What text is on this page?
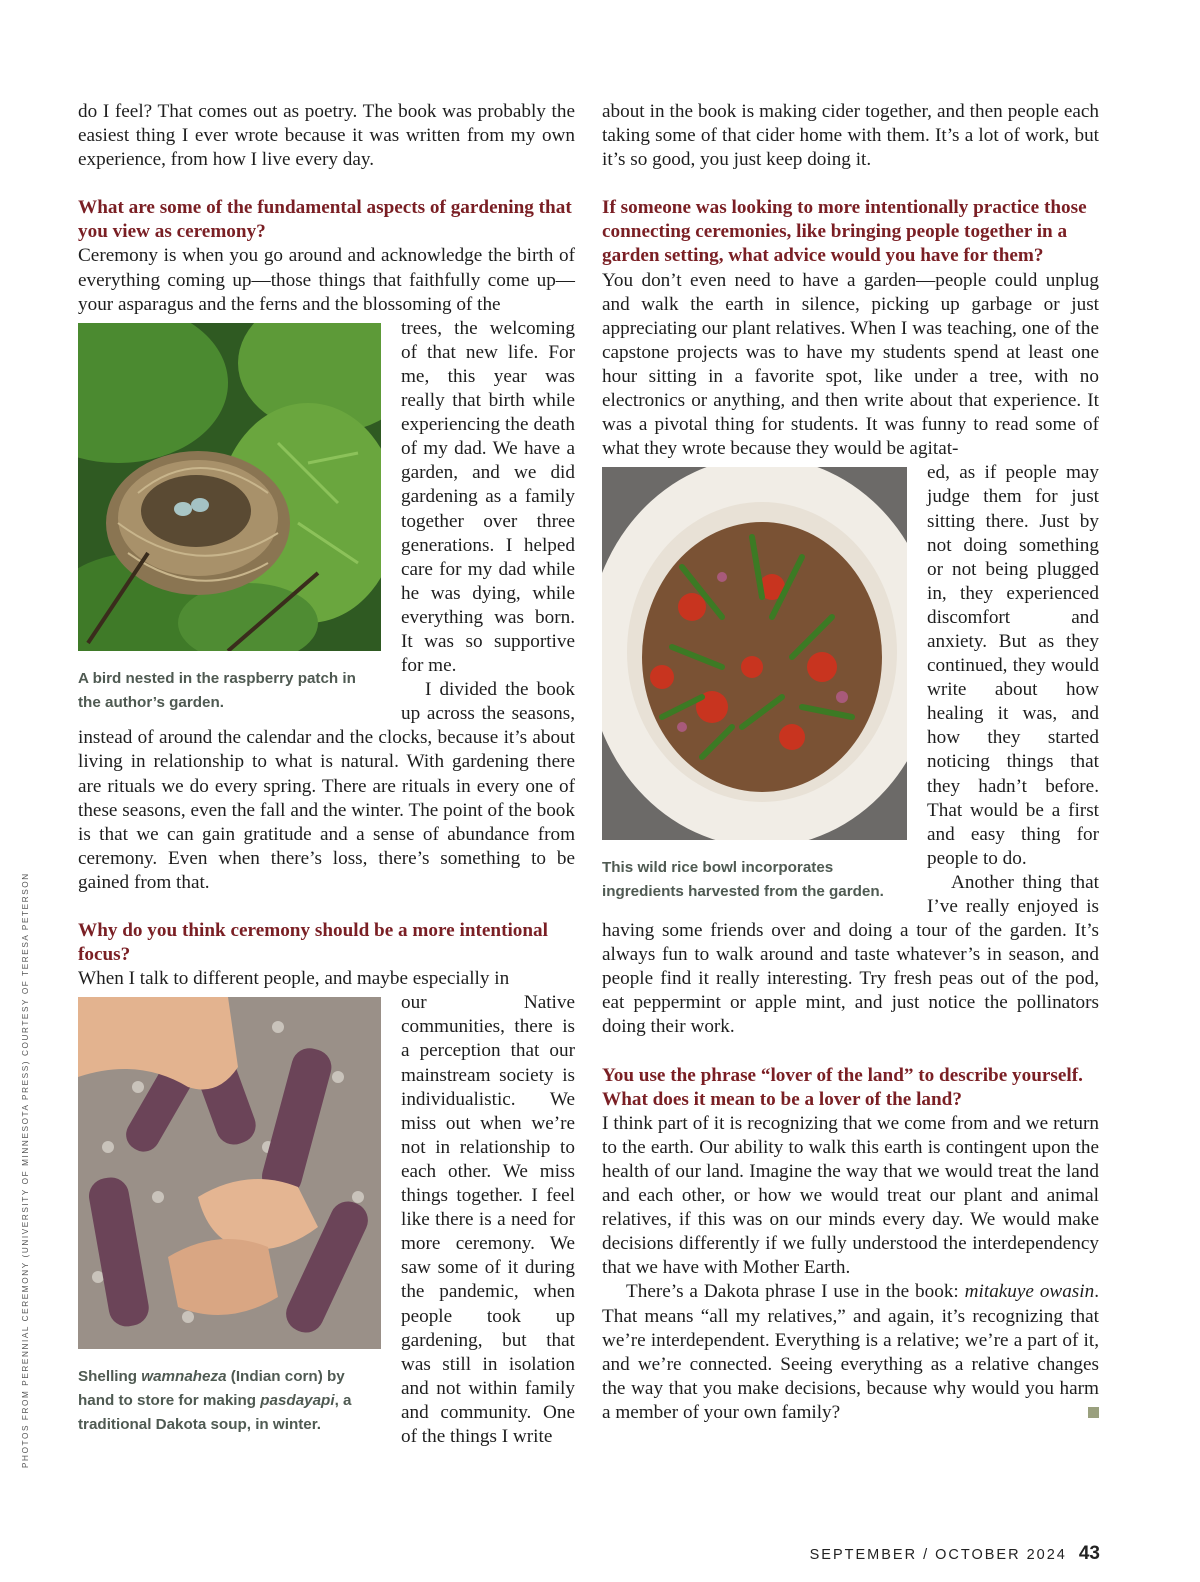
PHOTOS FROM PERENNIAL CEREMONY (UNIVERSITY OF MINNESOTA PRESS) COURTESY OF TERESA PETERSON

do I feel? That comes out as poetry. The book was probably the easiest thing I ever wrote because it was written from my own experience, from how I live every day.

What are some of the fundamental aspects of gardening that you view as ceremony?

Ceremony is when you go around and acknowledge the birth of everything coming up—those things that faithfully come up—your asparagus and the ferns and the blossoming of the

A bird nested in the raspberry patch in the author’s garden.

trees, the welcoming of that new life. For me, this year was really that birth while experiencing the death of my dad. We have a garden, and we did gardening as a family together over three generations. I helped care for my dad while he was dying, while everything was born. It was so supportive for me.

I divided the book up across the seasons, instead of around the calendar and the clocks, because it’s about living in relationship to what is natural. With gardening there are rituals we do every spring. There are rituals in every one of these seasons, even the fall and the winter. The point of the book is that we can gain gratitude and a sense of abundance from ceremony. Even when there’s loss, there’s something to be gained from that.

Why do you think ceremony should be a more intentional focus?

When I talk to different people, and maybe especially in

Shelling wamnaheza (Indian corn) by hand to store for making pasdayapi, a traditional Dakota soup, in winter.

our Native communities, there is a perception that our mainstream society is individualistic. We miss out when we’re not in relationship to each other. We miss things together. I feel like there is a need for more ceremony. We saw some of it during the pandemic, when people took up gardening, but that was still in isolation and not within family and community. One of the things I write

about in the book is making cider together, and then people each taking some of that cider home with them. It’s a lot of work, but it’s so good, you just keep doing it.

If someone was looking to more intentionally practice those connecting ceremonies, like bringing people together in a garden setting, what advice would you have for them?

You don’t even need to have a garden—people could unplug and walk the earth in silence, picking up garbage or just appreciating our plant relatives. When I was teaching, one of the capstone projects was to have my students spend at least one hour sitting in a favorite spot, like under a tree, with no electronics or anything, and then write about that experience. It was a pivotal thing for students. It was funny to read some of what they wrote because they would be agitat-

This wild rice bowl incorporates ingredients harvested from the garden.

ed, as if people may judge them for just sitting there. Just by not doing something or not being plugged in, they experienced discomfort and anxiety. But as they continued, they would write about how healing it was, and how they started noticing things that they hadn’t before. That would be a first and easy thing for people to do.

Another thing that I’ve really enjoyed is having some friends over and doing a tour of the garden. It’s always fun to walk around and taste whatever’s in season, and people find it really interesting. Try fresh peas out of the pod, eat peppermint or apple mint, and just notice the pollinators doing their work.

You use the phrase “lover of the land” to describe yourself. What does it mean to be a lover of the land?

I think part of it is recognizing that we come from and we return to the earth. Our ability to walk this earth is contingent upon the health of our land. Imagine the way that we would treat the land and each other, or how we would treat our plant and animal relatives, if this was on our minds every day. We would make decisions differently if we fully understood the interdependency that we have with Mother Earth.

There’s a Dakota phrase I use in the book: mitakuye owasin. That means “all my relatives,” and again, it’s recognizing that we’re interdependent. Everything is a relative; we’re a part of it, and we’re connected. Seeing everything as a relative changes the way that you make decisions, because why would you harm a member of your own family?

SEPTEMBER / OCTOBER 2024 43
